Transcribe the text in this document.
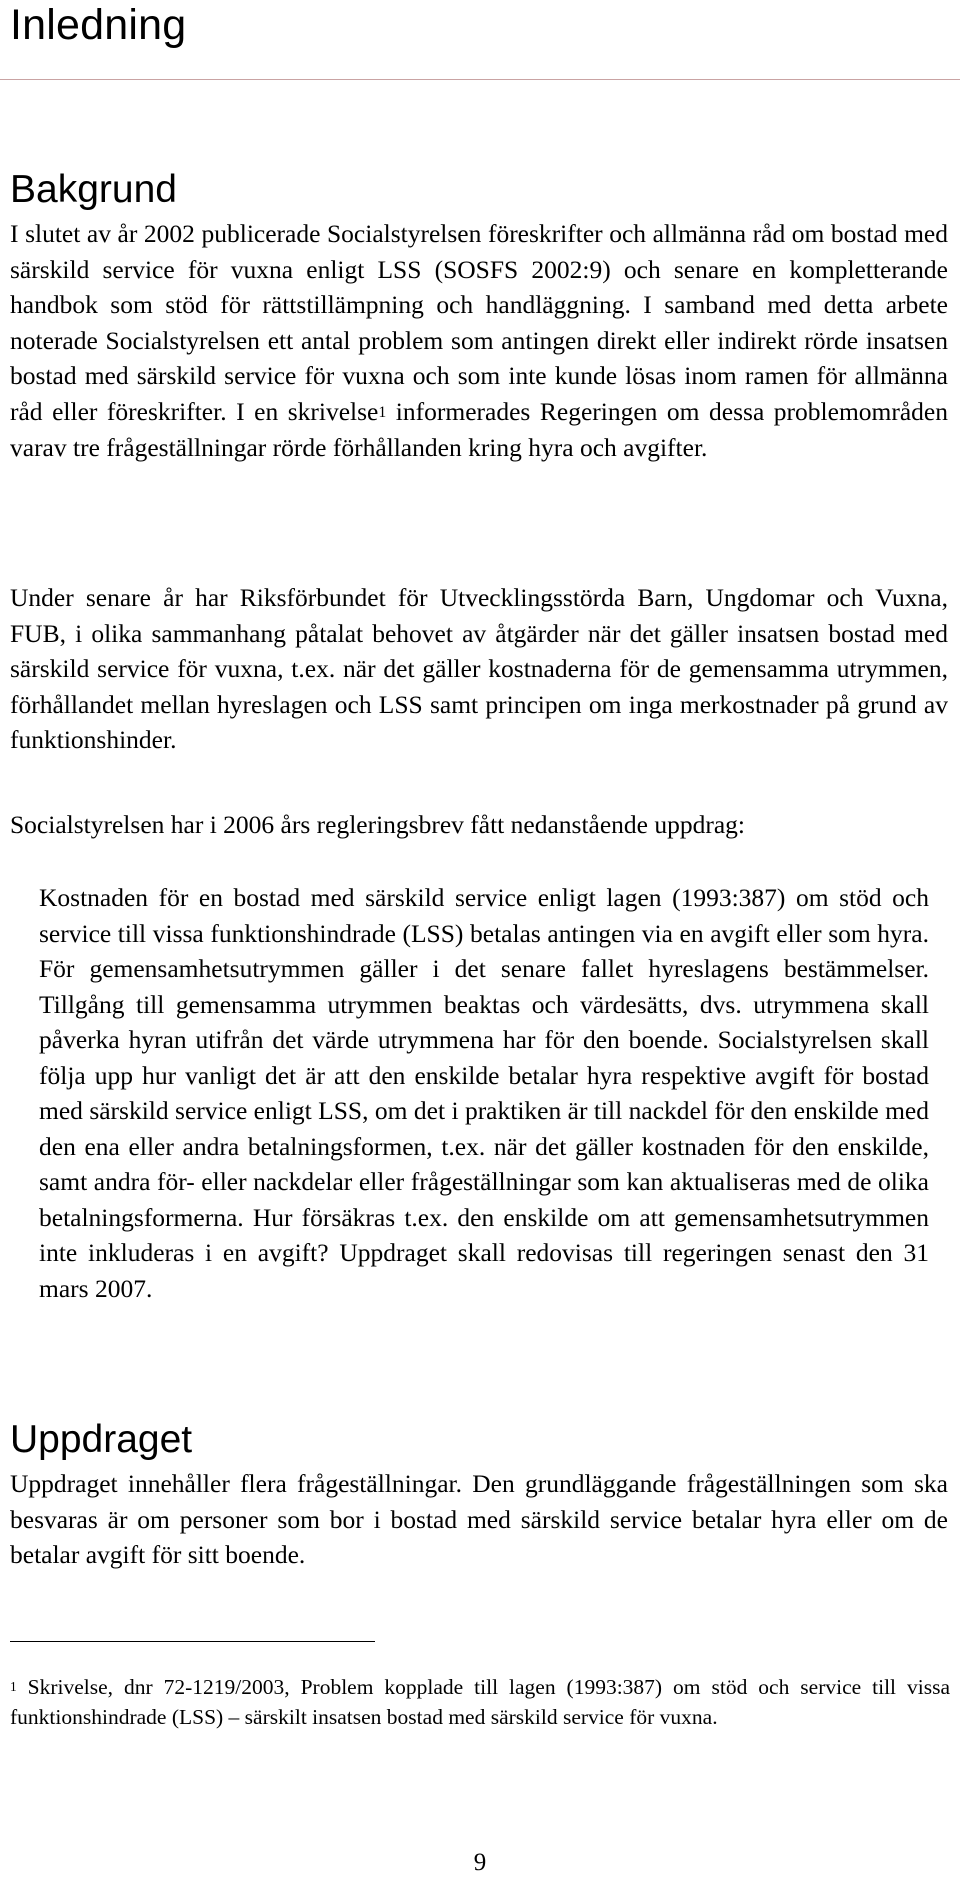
Inledning
Bakgrund

I slutet av år 2002 publicerade Socialstyrelsen föreskrifter och allmänna råd om bostad med särskild service för vuxna enligt LSS (SOSFS 2002:9) och senare en kompletterande handbok som stöd för rättstillämpning och handläggning. I samband med detta arbete noterade Socialstyrelsen ett antal problem som antingen direkt eller indirekt rörde insatsen bostad med särskild service för vuxna och som inte kunde lösas inom ramen för allmänna råd eller föreskrifter. I en skrivelse$^1$ informerades Regeringen om dessa problemområden varav tre frågeställningar rörde förhållanden kring hyra och avgifter.

Under senare år har Riksförbundet för Utvecklingsstörda Barn, Ungdomar och Vuxna, FUB, i olika sammanhang påtalat behovet av åtgärder när det gäller insatsen bostad med särskild service för vuxna, t.ex. när det gäller kostnaderna för de gemensamma utrymmen, förhållandet mellan hyreslagen och LSS samt principen om inga merkostnader på grund av funktionshinder.

Socialstyrelsen har i 2006 års regleringsbrev fått nedanstående uppdrag:

Kostnaden för en bostad med särskild service enligt lagen (1993:387) om stöd och service till vissa funktionshindrade (LSS) betalas antingen via en avgift eller som hyra. För gemensamhetsutrymmen gäller i det senare fallet hyreslagens bestämmelser. Tillgång till gemensamma utrymmen beaktas och värdesätts, dvs. utrymmena skall påverka hyran utifrån det värde utrymmena har för den boende. Socialstyrelsen skall följa upp hur vanligt det är att den enskilde betalar hyra respektive avgift för bostad med särskild service enligt LSS, om det i praktiken är till nackdel för den enskilde med den ena eller andra betalningsformen, t.ex. när det gäller kostnaden för den enskilde, samt andra för- eller nackdelar eller frågeställningar som kan aktualiseras med de olika betalningsformerna. Hur försäkras t.ex. den enskilde om att gemensamhetsutrymmen inte inkluderas i en avgift? Uppdraget skall redovisas till regeringen senast den 31 mars 2007.

Uppdraget

Uppdraget innehåller flera frågeställningar. Den grundläggande frågeställningen som ska besvaras är om personer som bor i bostad med särskild service betalar hyra eller om de betalar avgift för sitt boende.

$^1$ Skrivelse, dnr 72-1219/2003, Problem kopplade till lagen (1993:387) om stöd och service till vissa funktionshindrade (LSS) – särskilt insatsen bostad med särskild service för vuxna.

9
